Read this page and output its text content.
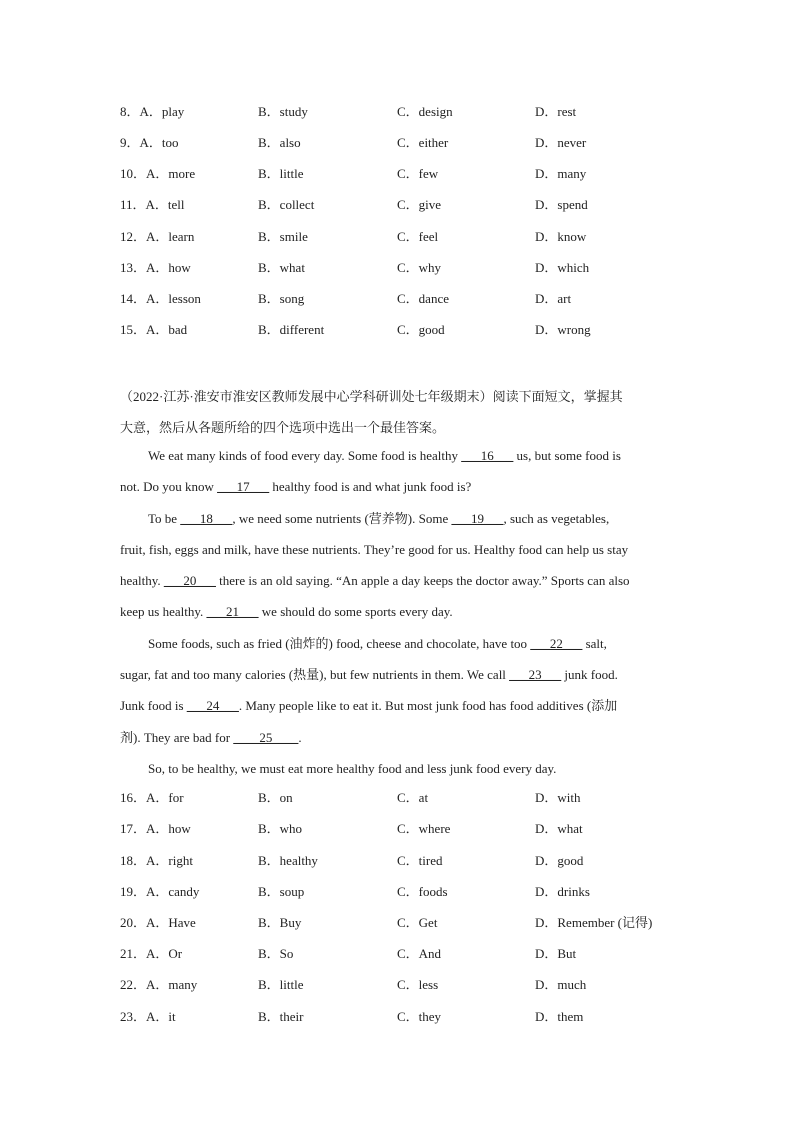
8．A．play	B．study	C．design	D．rest
9．A．too	B．also	C．either	D．never
10．A．more	B．little	C．few	D．many
11．A．tell	B．collect	C．give	D．spend
12．A．learn	B．smile	C．feel	D．know
13．A．how	B．what	C．why	D．which
14．A．lesson	B．song	C．dance	D．art
15．A．bad	B．different	C．good	D．wrong
（2022·江苏·淮安市淮安区教师发展中心学科研训处七年级期末）阅读下面短文，掌握其
大意，然后从各题所给的四个选项中选出一个最佳答案。
We eat many kinds of food every day. Some food is healthy ___16___ us, but some food is
not. Do you know ___17___ healthy food is and what junk food is?
To be ___18___, we need some nutrients (营养物). Some ___19___, such as vegetables,
fruit, fish, eggs and milk, have these nutrients. They’re good for us. Healthy food can help us stay
healthy. ___20___ there is an old saying. “An apple a day keeps the doctor away.” Sports can also
keep us healthy. ___21___ we should do some sports every day.
Some foods, such as fried (油炸的) food, cheese and chocolate, have too ___22___ salt,
sugar, fat and too many calories (热量), but few nutrients in them. We call ___23___ junk food.
Junk food is ___24___. Many people like to eat it. But most junk food has food additives (添加
剂). They are bad for ____25____.
So, to be healthy, we must eat more healthy food and less junk food every day.
16．A．for	B．on	C．at	D．with
17．A．how	B．who	C．where	D．what
18．A．right	B．healthy	C．tired	D．good
19．A．candy	B．soup	C．foods	D．drinks
20．A．Have	B．Buy	C．Get	D．Remember (记得)
21．A．Or	B．So	C．And	D．But
22．A．many	B．little	C．less	D．much
23．A．it	B．their	C．they	D．them
